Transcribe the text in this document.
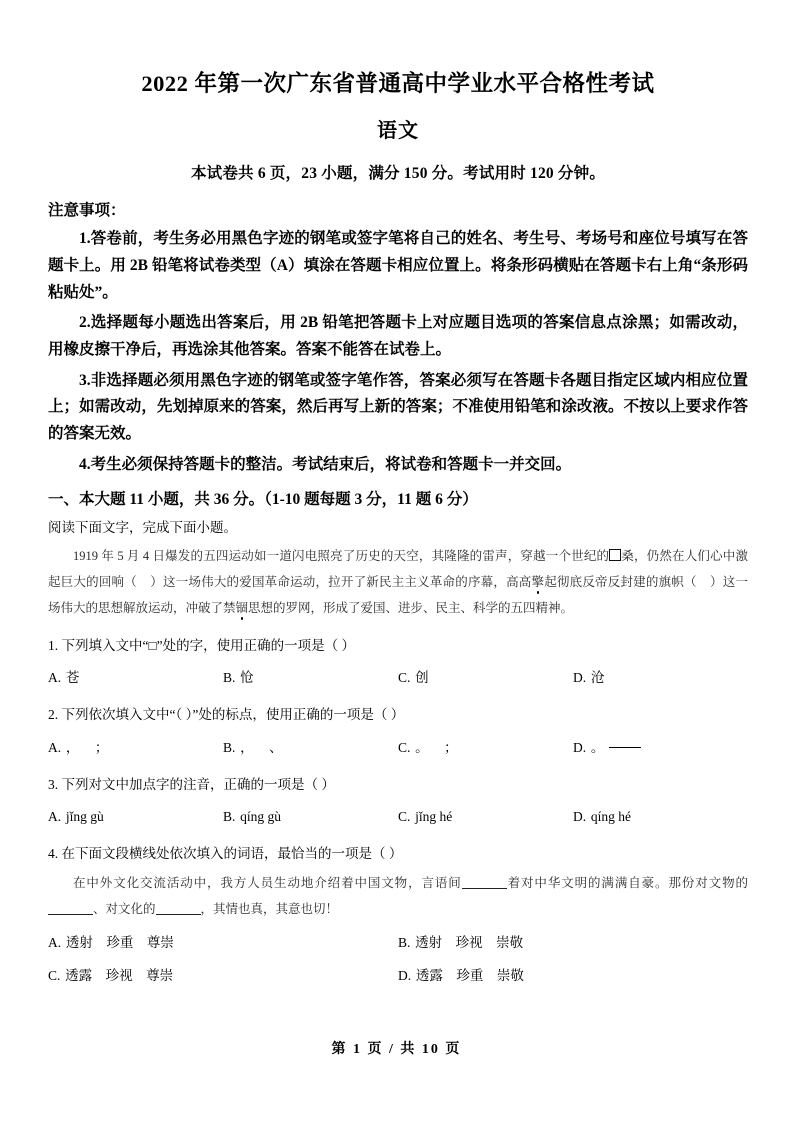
2022 年第一次广东省普通高中学业水平合格性考试
语文
本试卷共 6 页，23 小题，满分 150 分。考试用时 120 分钟。
注意事项：
1.答卷前，考生务必用黑色字迹的钢笔或签字笔将自己的姓名、考生号、考场号和座位号填写在答题卡上。用 2B 铅笔将试卷类型（A）填涂在答题卡相应位置上。将条形码横贴在答题卡右上角“条形码粘贴处”。
2.选择题每小题选出答案后，用 2B 铅笔把答题卡上对应题目选项的答案信息点涂黑；如需改动，用橡皮擦干净后，再选涂其他答案。答案不能答在试卷上。
3.非选择题必须用黑色字迹的钢笔或签字笔作答，答案必须写在答题卡各题目指定区域内相应位置上；如需改动，先划掉原来的答案，然后再写上新的答案；不准使用铅笔和涂改液。不按以上要求作答的答案无效。
4.考生必须保持答题卡的整洁。考试结束后，将试卷和答题卡一并交回。
一、本大题 11 小题，共 36 分。（1-10 题每题 3 分，11 题 6 分）
阅读下面文字，完成下面小题。
1919 年 5 月 4 日爆发的五四运动如一道闪电照亮了历史的天空，其隆隆的雷声，穿越一个世纪的 桑，仍然在人们心中激起巨大的回响（ ）这一场伟大的爱国革命运动，拉开了新民主主义革命的序幕，高高擎起彻底反帝反封建的旗帜（ ）这一场伟大的思想解放运动，冲破了禁锢思想的罗网，形成了爱国、进步、民主、科学的五四精神。
1. 下列填入文中“□”处的字，使用正确的一项是（ ）
A. 苍	B. 怆	C. 创	D. 沧
2. 下列依次填入文中“（ ）”处的标点，使用正确的一项是（ ）
A. ， ；	B. ， 、	C. 。 ；	D. 。
3. 下列对文中加点字的注音，正确的一项是（ ）
A. jǐng gù	B. qíng gù	C. jǐng hé	D. qíng hé
4. 在下面文段横线处依次填入的词语，最恰当的一项是（ ）
在中外文化交流活动中，我方人员生动地介绍着中国文物，言语间	着对中华文明的满满自豪。那份对文物的、对文化的	，其情也真，其意也切！
A. 透射　珍重　尊崇	B. 透射　珍视　崇敬
C. 透露　珍视　尊崇	D. 透露　珍重　崇敬
第 1 页 / 共 10 页
